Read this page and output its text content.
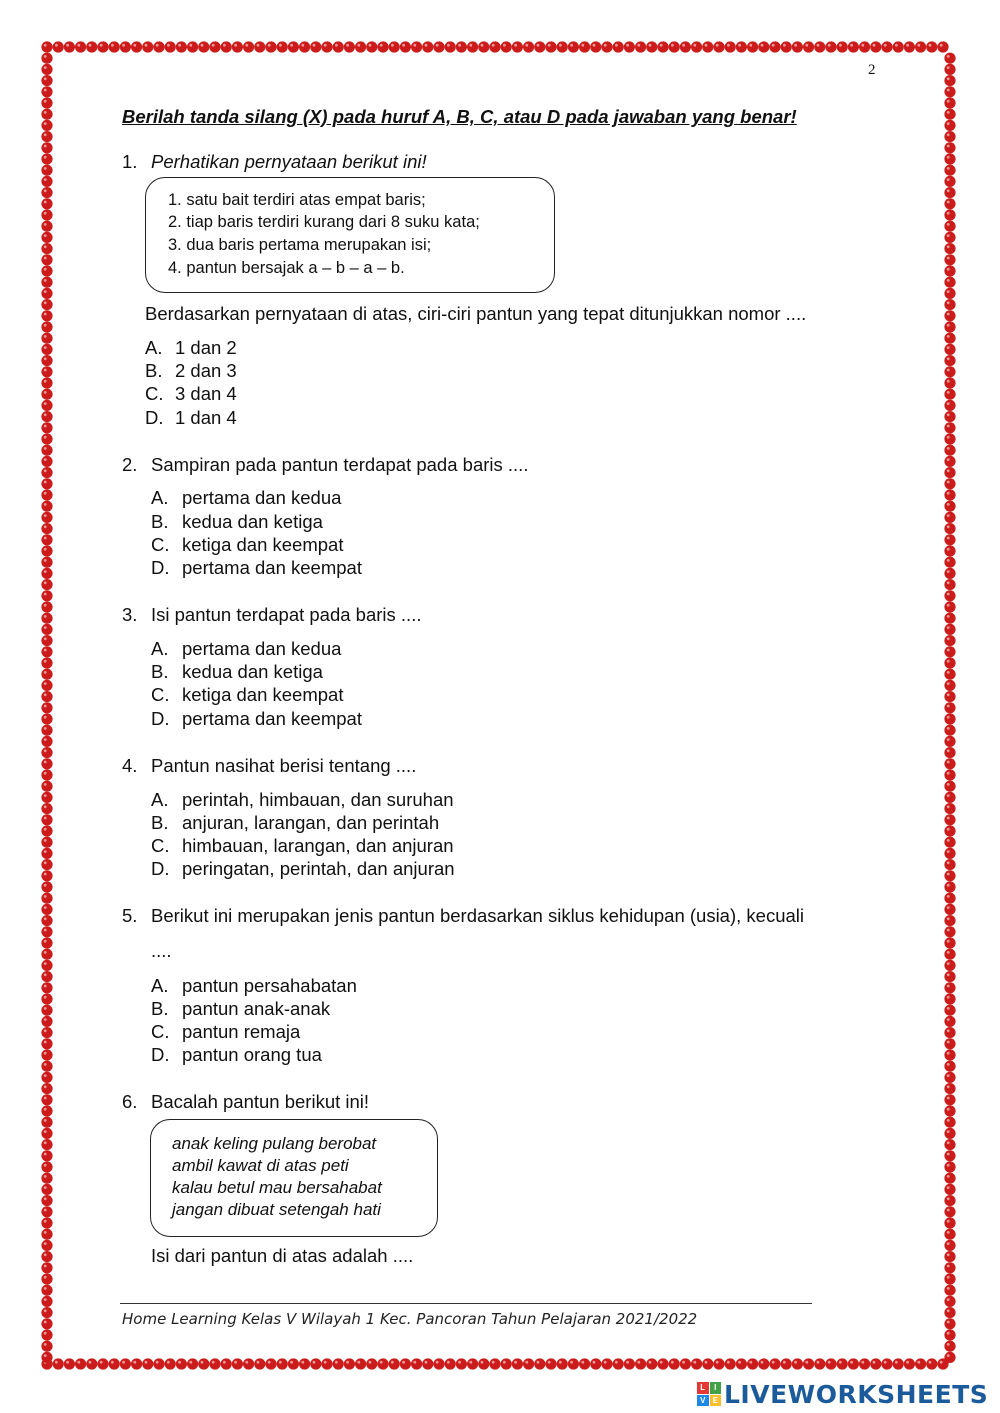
2
Berilah tanda silang (X) pada huruf A, B, C, atau D pada jawaban yang benar!
1. Perhatikan pernyataan berikut ini!
1. satu bait terdiri atas empat baris;
2. tiap baris terdiri kurang dari 8 suku kata;
3. dua baris pertama merupakan isi;
4. pantun bersajak a – b – a – b.
Berdasarkan pernyataan di atas, ciri-ciri pantun yang tepat ditunjukkan nomor ....
A. 1 dan 2
B. 2 dan 3
C. 3 dan 4
D. 1 dan 4
2. Sampiran pada pantun terdapat pada baris ....
A. pertama dan kedua
B. kedua dan ketiga
C. ketiga dan keempat
D. pertama dan keempat
3. Isi pantun terdapat pada baris ....
A. pertama dan kedua
B. kedua dan ketiga
C. ketiga dan keempat
D. pertama dan keempat
4. Pantun nasihat berisi tentang ....
A. perintah, himbauan, dan suruhan
B. anjuran, larangan, dan perintah
C. himbauan, larangan, dan anjuran
D. peringatan, perintah, dan anjuran
5. Berikut ini merupakan jenis pantun berdasarkan siklus kehidupan (usia), kecuali
....
A. pantun persahabatan
B. pantun anak-anak
C. pantun remaja
D. pantun orang tua
6. Bacalah pantun berikut ini!
anak keling pulang berobat
ambil kawat di atas peti
kalau betul mau bersahabat
jangan dibuat setengah hati
Isi dari pantun di atas adalah ....
Home Learning Kelas V Wilayah 1 Kec. Pancoran Tahun Pelajaran 2021/2022
L	I
V E LIVEWORKSHEETS
